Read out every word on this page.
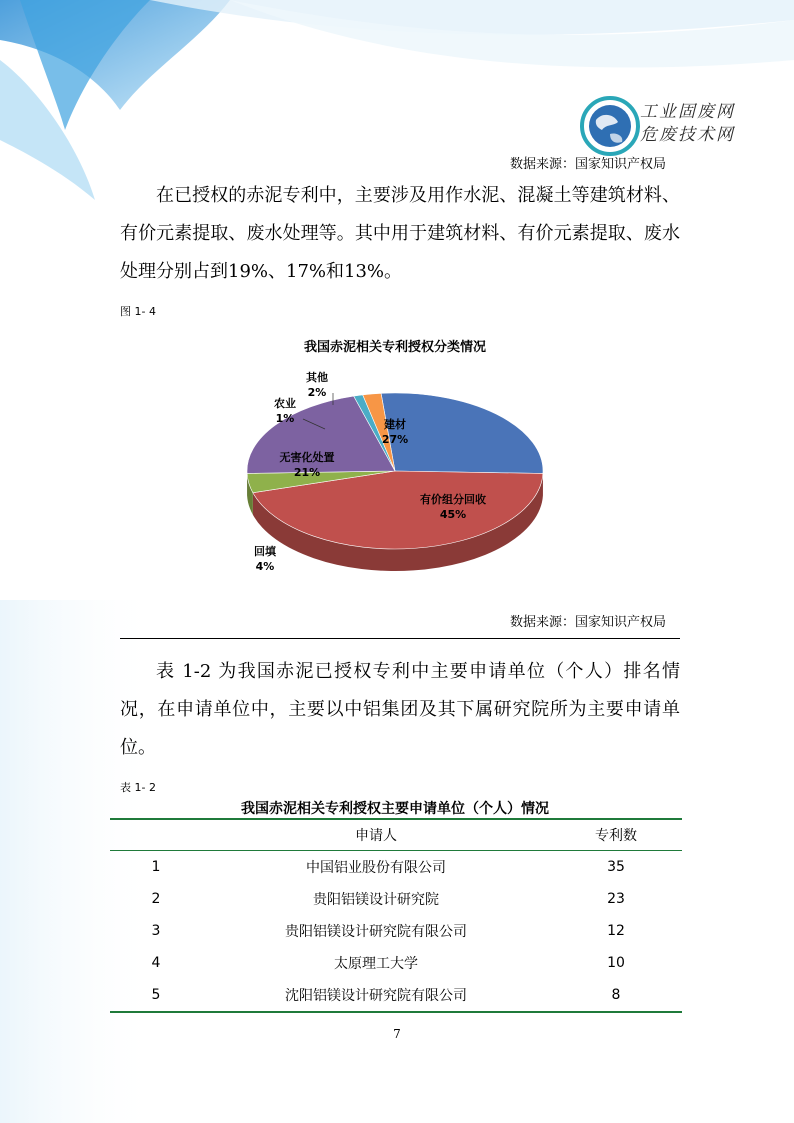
工业固废网
危废技术网
数据来源：国家知识产权局
在已授权的赤泥专利中，主要涉及用作水泥、混凝土等建筑材料、有价元素提取、废水处理等。其中用于建筑材料、有价元素提取、废水处理分别占到19%、17%和13%。
图 1- 4
我国赤泥相关专利授权分类情况
建材
27%
有价组分回收
45%
回填
4%
无害化处置
21%
农业
1%
其他
2%
数据来源：国家知识产权局
表 1-2 为我国赤泥已授权专利中主要申请单位（个人）排名情况，在申请单位中，主要以中铝集团及其下属研究院所为主要申请单位。
表 1- 2
我国赤泥相关专利授权主要申请单位（个人）情况
	申请人	专利数
1	中国铝业股份有限公司	35
2	贵阳铝镁设计研究院	23
3	贵阳铝镁设计研究院有限公司	12
4	太原理工大学	10
5	沈阳铝镁设计研究院有限公司	8
7
